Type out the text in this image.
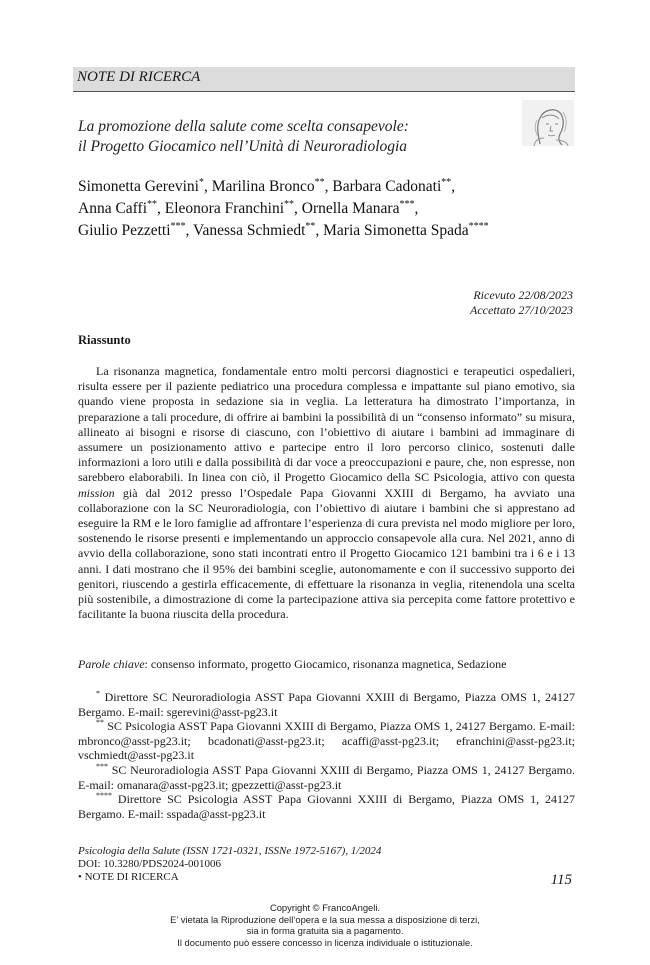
NOTE DI RICERCA
La promozione della salute come scelta consapevole:
il Progetto Giocamico nell’Unità di Neuroradiologia
Simonetta Gerevini*, Marilina Bronco**, Barbara Cadonati**,
Anna Caffi**, Eleonora Franchini**, Ornella Manara***,
Giulio Pezzetti***, Vanessa Schmiedt**, Maria Simonetta Spada****
Ricevuto 22/08/2023
Accettato 27/10/2023
Riassunto

La risonanza magnetica, fondamentale entro molti percorsi diagnostici e terapeutici ospedalieri, risulta essere per il paziente pediatrico una procedura complessa e impattante sul piano emotivo, sia quando viene proposta in sedazione sia in veglia. La letteratura ha dimostrato l’importanza, in preparazione a tali procedure, di offrire ai bambini la possibilità di un “consenso informato” su misura, allineato ai bisogni e risorse di ciascuno, con l’obiettivo di aiutare i bambini ad immaginare di assumere un posizionamento attivo e partecipe entro il loro percorso clinico, sostenuti dalle informazioni a loro utili e dalla possibilità di dar voce a preoccupazioni e paure, che, non espresse, non sarebbero elaborabili. In linea con ciò, il Progetto Giocamico della SC Psicologia, attivo con questa mission già dal 2012 presso l’Ospedale Papa Giovanni XXIII di Bergamo, ha avviato una collaborazione con la SC Neuroradiologia, con l’obiettivo di aiutare i bambini che si apprestano ad eseguire la RM e le loro famiglie ad affrontare l’esperienza di cura prevista nel modo migliore per loro, sostenendo le risorse presenti e implementando un approccio consapevole alla cura. Nel 2021, anno di avvio della collaborazione, sono stati incontrati entro il Progetto Giocamico 121 bambini tra i 6 e i 13 anni. I dati mostrano che il 95% dei bambini sceglie, autonomamente e con il successivo supporto dei genitori, riuscendo a gestirla efficacemente, di effettuare la risonanza in veglia, ritenendola una scelta più sostenibile, a dimostrazione di come la partecipazione attiva sia percepita come fattore protettivo e facilitante la buona riuscita della procedura.

Parole chiave: consenso informato, progetto Giocamico, risonanza magnetica, Sedazione

* Direttore SC Neuroradiologia ASST Papa Giovanni XXIII di Bergamo, Piazza OMS 1, 24127 Bergamo. E-mail: sgerevini@asst-pg23.it

** SC Psicologia ASST Papa Giovanni XXIII di Bergamo, Piazza OMS 1, 24127 Bergamo. E-mail: mbronco@asst-pg23.it; bcadonati@asst-pg23.it; acaffi@asst-pg23.it; efranchini@asst-pg23.it; vschmiedt@asst-pg23.it

*** SC Neuroradiologia ASST Papa Giovanni XXIII di Bergamo, Piazza OMS 1, 24127 Bergamo. E-mail: omanara@asst-pg23.it; gpezzetti@asst-pg23.it

**** Direttore SC Psicologia ASST Papa Giovanni XXIII di Bergamo, Piazza OMS 1, 24127 Bergamo. E-mail: sspada@asst-pg23.it

Psicologia della Salute (ISSN 1721-0321, ISSNe 1972-5167), 1/2024
DOI: 10.3280/PDS2024-001006
• NOTE DI RICERCA	115
Copyright © FrancoAngeli.
E’ vietata la Riproduzione dell’opera e la sua messa a disposizione di terzi,
sia in forma gratuita sia a pagamento.
Il documento può essere concesso in licenza individuale o istituzionale.
